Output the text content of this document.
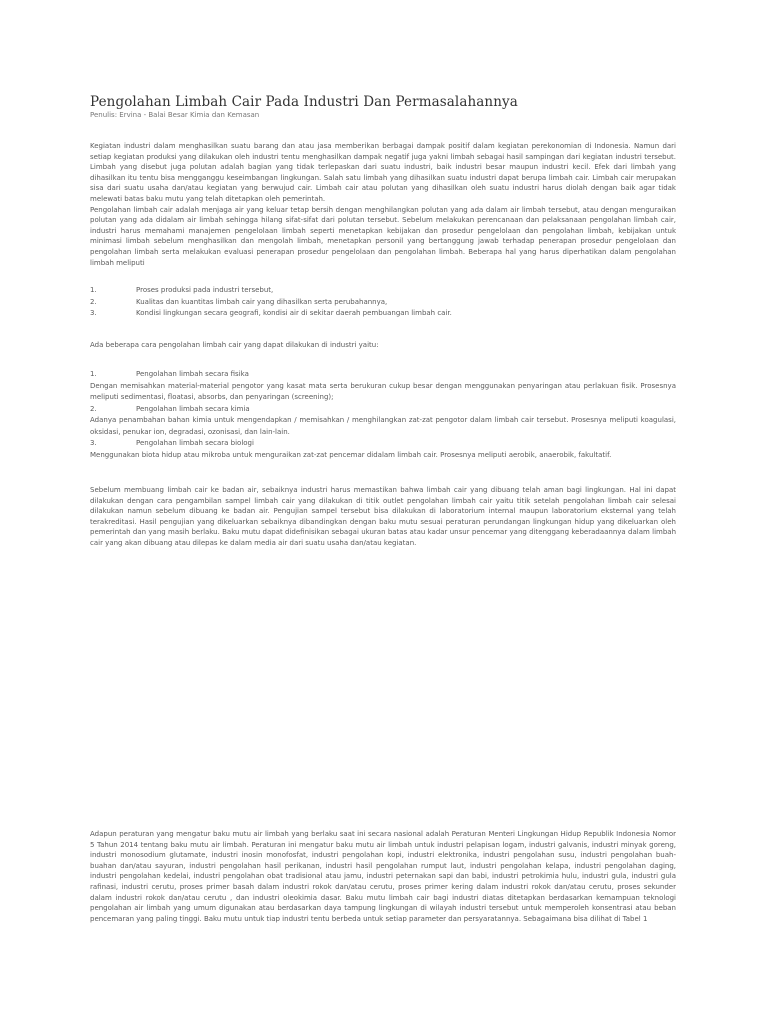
Pengolahan Limbah Cair Pada Industri Dan Permasalahannya

Penulis: Ervina - Balai Besar Kimia dan Kemasan

Kegiatan industri dalam menghasilkan suatu barang dan atau jasa memberikan berbagai dampak positif dalam kegiatan perekonomian di Indonesia. Namun dari setiap kegiatan produksi yang dilakukan oleh industri tentu menghasilkan dampak negatif juga yakni limbah sebagai hasil sampingan dari kegiatan industri tersebut. Limbah yang disebut juga polutan adalah bagian yang tidak terlepaskan dari suatu industri, baik industri besar maupun industri kecil. Efek dari limbah yang dihasilkan itu tentu bisa mengganggu keseimbangan lingkungan. Salah satu limbah yang dihasilkan suatu industri dapat berupa limbah cair. Limbah cair merupakan sisa dari suatu usaha dan/atau kegiatan yang berwujud cair. Limbah cair atau polutan yang dihasilkan oleh suatu industri harus diolah dengan baik agar tidak melewati batas baku mutu yang telah ditetapkan oleh pemerintah.

Pengolahan limbah cair adalah menjaga air yang keluar tetap bersih dengan menghilangkan polutan yang ada dalam air limbah tersebut, atau dengan menguraikan polutan yang ada didalam air limbah sehingga hilang sifat-sifat dari polutan tersebut. Sebelum melakukan perencanaan dan pelaksanaan pengolahan limbah cair, industri harus memahami manajemen pengelolaan limbah seperti menetapkan kebijakan dan prosedur pengelolaan dan pengolahan limbah, kebijakan untuk minimasi limbah sebelum menghasilkan dan mengolah limbah, menetapkan personil yang bertanggung jawab terhadap penerapan prosedur pengelolaan dan pengolahan limbah serta melakukan evaluasi penerapan prosedur pengelolaan dan pengolahan limbah. Beberapa hal yang harus diperhatikan dalam pengolahan limbah meliputi

1.	Proses produksi pada industri tersebut,
2.	Kualitas dan kuantitas limbah cair yang dihasilkan serta perubahannya,
3.	Kondisi lingkungan secara geografi, kondisi air di sekitar daerah pembuangan limbah cair.

Ada beberapa cara pengolahan limbah cair yang dapat dilakukan di industri yaitu:

1.	Pengolahan limbah secara fisika

Dengan memisahkan material-material pengotor yang kasat mata serta berukuran cukup besar dengan menggunakan penyaringan atau perlakuan fisik. Prosesnya meliputi sedimentasi, floatasi, absorbs, dan penyaringan (screening);

2.	Pengolahan limbah secara kimia

Adanya penambahan bahan kimia untuk mengendapkan / memisahkan / menghilangkan zat-zat pengotor dalam limbah cair tersebut. Prosesnya meliputi koagulasi, oksidasi, penukar ion, degradasi, ozonisasi, dan lain-lain.

3.	Pengolahan limbah secara biologi

Menggunakan biota hidup atau mikroba untuk menguraikan zat-zat pencemar didalam limbah cair. Prosesnya meliputi aerobik, anaerobik, fakultatif.

Sebelum membuang limbah cair ke badan air, sebaiknya industri harus memastikan bahwa limbah cair yang dibuang telah aman bagi lingkungan. Hal ini dapat dilakukan dengan cara pengambilan sampel limbah cair yang dilakukan di titik outlet pengolahan limbah cair yaitu titik setelah pengolahan limbah cair selesai dilakukan namun sebelum dibuang ke badan air. Pengujian sampel tersebut bisa dilakukan di laboratorium internal maupun laboratorium eksternal yang telah terakreditasi. Hasil pengujian yang dikeluarkan sebaiknya dibandingkan dengan baku mutu sesuai peraturan perundangan lingkungan hidup yang dikeluarkan oleh pemerintah dan yang masih berlaku. Baku mutu dapat didefinisikan sebagai ukuran batas atau kadar unsur pencemar yang ditenggang keberadaannya dalam limbah cair yang akan dibuang atau dilepas ke dalam media air dari suatu usaha dan/atau kegiatan.

Adapun peraturan yang mengatur baku mutu air limbah yang berlaku saat ini secara nasional adalah Peraturan Menteri Lingkungan Hidup Republik Indonesia Nomor 5 Tahun 2014 tentang baku mutu air limbah. Peraturan ini mengatur baku mutu air limbah untuk industri pelapisan logam, industri galvanis, industri minyak goreng, industri monosodium glutamate, industri inosin monofosfat, industri pengolahan kopi, industri elektronika, industri pengolahan susu, industri pengolahan buah-buahan dan/atau sayuran, industri pengolahan hasil perikanan, industri hasil pengolahan rumput laut, industri pengolahan kelapa, industri pengolahan daging, industri pengolahan kedelai, industri pengolahan obat tradisional atau jamu, industri peternakan sapi dan babi, industri petrokimia hulu, industri gula, industri gula rafinasi, industri cerutu, proses primer basah dalam industri rokok dan/atau cerutu, proses primer kering dalam industri rokok dan/atau cerutu, proses sekunder dalam industri rokok dan/atau cerutu , dan industri oleokimia dasar. Baku mutu limbah cair bagi industri diatas ditetapkan berdasarkan kemampuan teknologi pengolahan air limbah yang umum digunakan atau berdasarkan daya tampung lingkungan di wilayah industri tersebut untuk memperoleh konsentrasi atau beban pencemaran yang paling tinggi. Baku mutu untuk tiap industri tentu berbeda untuk setiap parameter dan persyaratannya. Sebagaimana bisa dilihat di Tabel 1
